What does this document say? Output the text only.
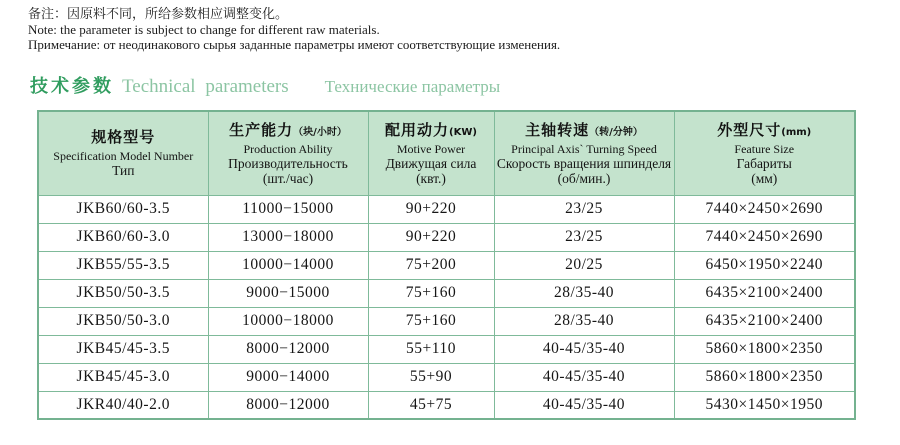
备注：因原料不同，所给参数相应调整变化。
Note: the parameter is subject to change for different raw materials.
Примечание: от неодинакового сырья заданные параметры имеют соответствующие изменения.
技术参数 Technical parameters Технические параметры
规格型号
Specification Model Number
Тип

生产能力（块/小时）
Production Ability
Производительность
(шт./час)

配用动力(KW)
Motive Power
Движущая сила
(квт.)

主轴转速（转/分钟）
Principal Axis` Turning Speed
Скорость вращения шпинделя
(об/мин.)

外型尺寸(mm)
Feature Size
Габариты
(мм)

JKB60/60-3.5	11000−15000	90+220	23/25	7440×2450×2690
JKB60/60-3.0	13000−18000	90+220	23/25	7440×2450×2690
JKB55/55-3.5	10000−14000	75+200	20/25	6450×1950×2240
JKB50/50-3.5	9000−15000	75+160	28/35-40	6435×2100×2400
JKB50/50-3.0	10000−18000	75+160	28/35-40	6435×2100×2400
JKB45/45-3.5	8000−12000	55+110	40-45/35-40	5860×1800×2350
JKB45/45-3.0	9000−14000	55+90	40-45/35-40	5860×1800×2350
JKR40/40-2.0	8000−12000	45+75	40-45/35-40	5430×1450×1950
